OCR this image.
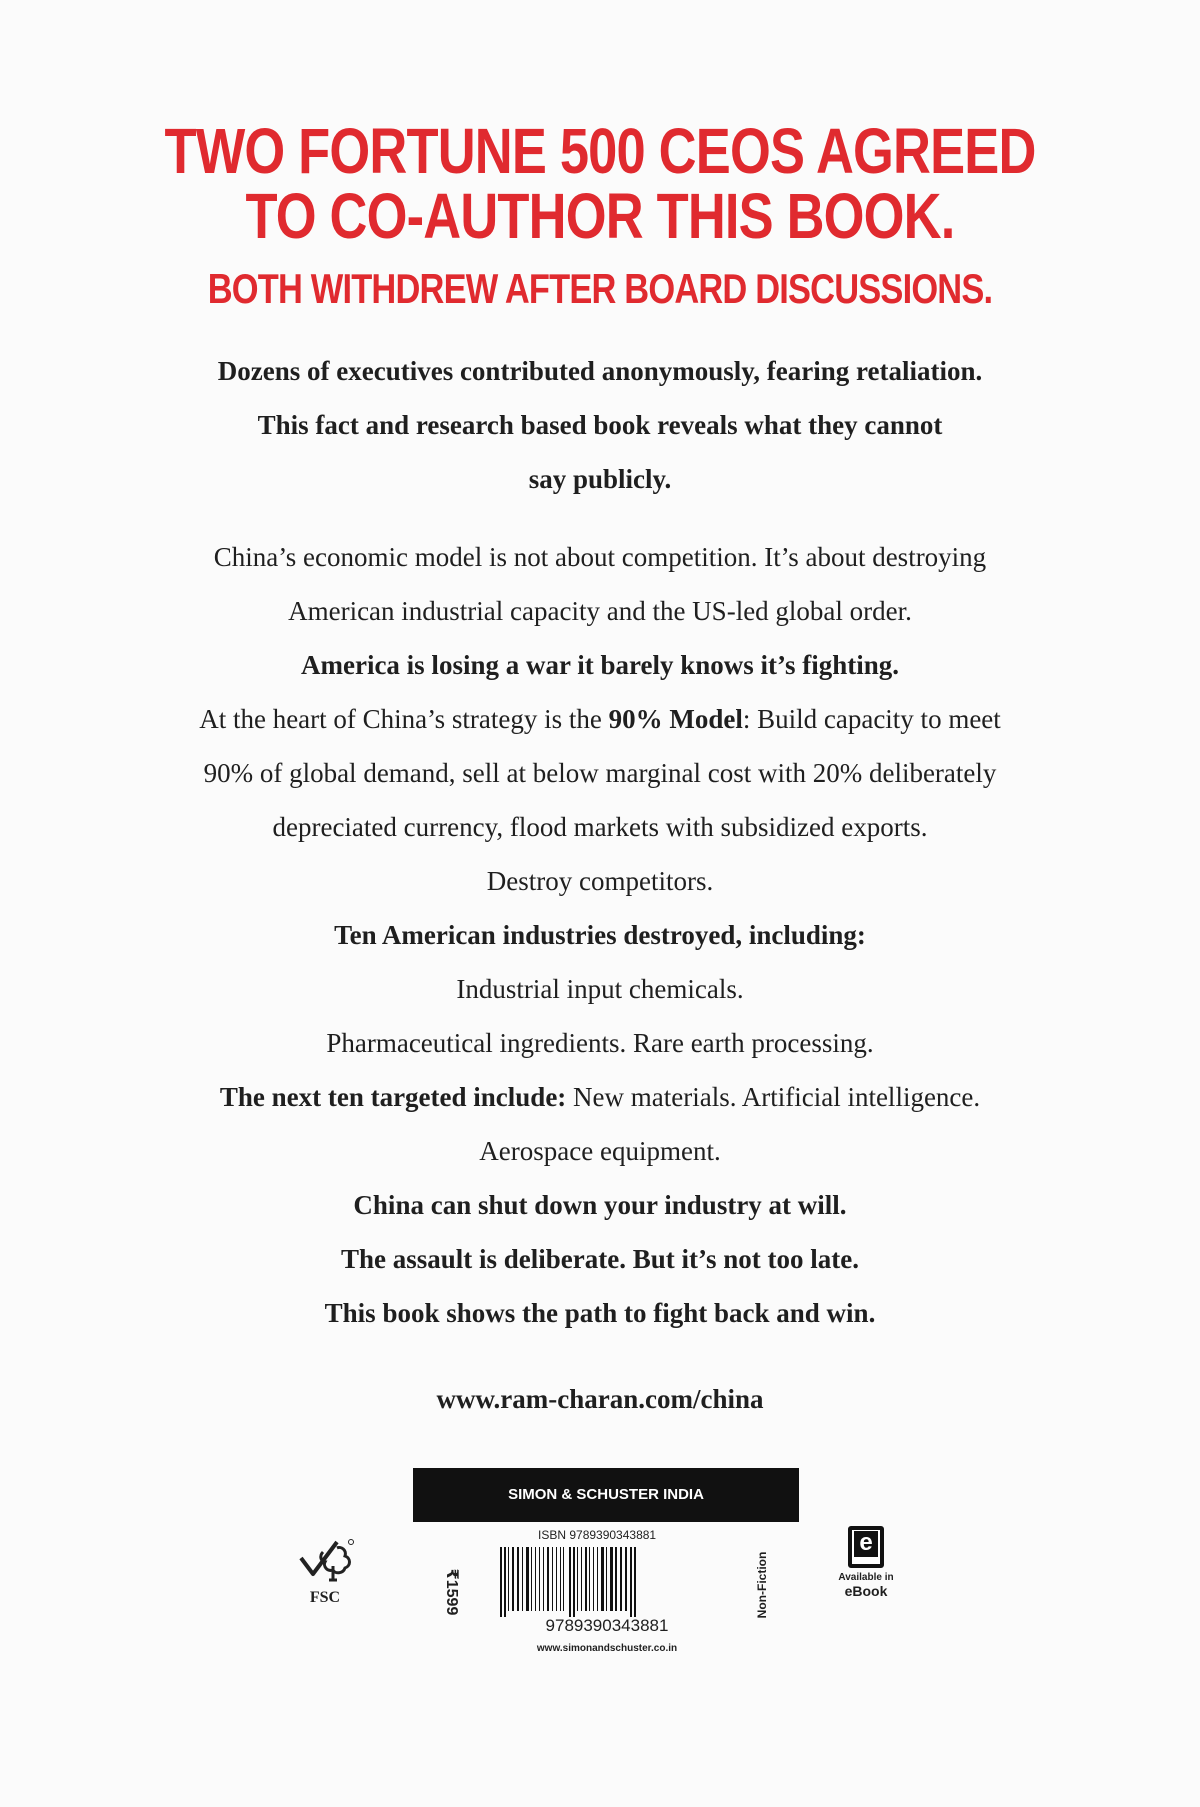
TWO FORTUNE 500 CEOS AGREED
TO CO-AUTHOR THIS BOOK.
BOTH WITHDREW AFTER BOARD DISCUSSIONS.
Dozens of executives contributed anonymously, fearing retaliation.
This fact and research based book reveals what they cannot
say publicly.
China’s economic model is not about competition. It’s about destroying
American industrial capacity and the US-led global order.
America is losing a war it barely knows it’s fighting.
At the heart of China’s strategy is the 90% Model: Build capacity to meet
90% of global demand, sell at below marginal cost with 20% deliberately
depreciated currency, flood markets with subsidized exports.
Destroy competitors.
Ten American industries destroyed, including:
Industrial input chemicals.
Pharmaceutical ingredients. Rare earth processing.
The next ten targeted include: New materials. Artificial intelligence.
Aerospace equipment.
China can shut down your industry at will.
The assault is deliberate. But it’s not too late.
This book shows the path to fight back and win.
www.ram-charan.com/china
SIMON & SCHUSTER INDIA
FSC	₹1599
ISBN 9789390343881
9789390343881
www.simonandschuster.co.in
Non-Fiction
e
Available in
eBook
